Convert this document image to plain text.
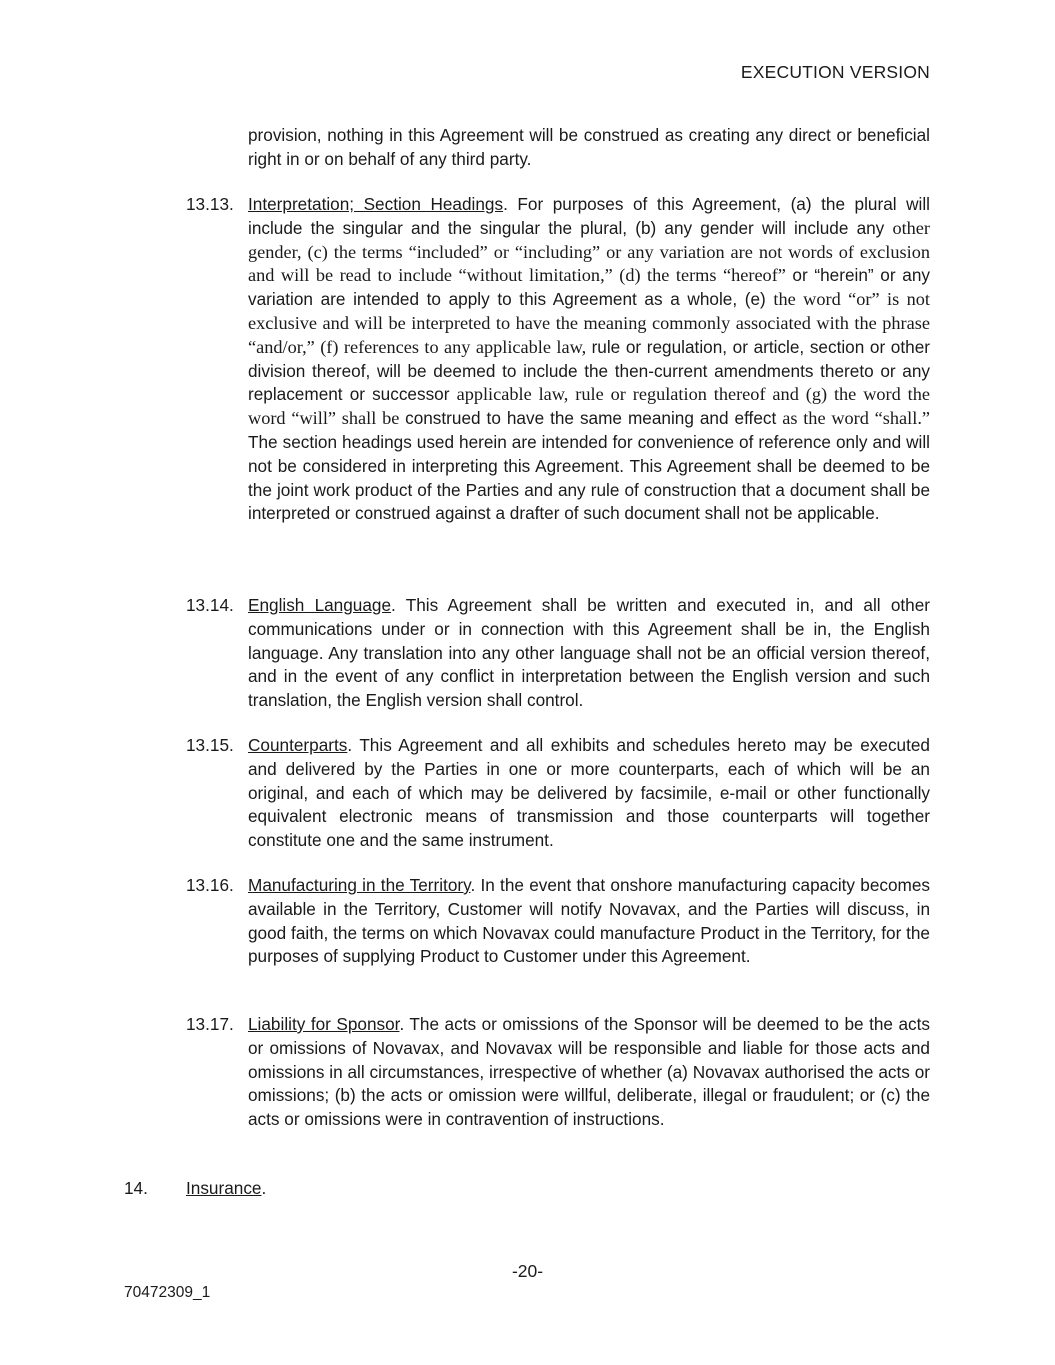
EXECUTION VERSION
provision, nothing in this Agreement will be construed as creating any direct or beneficial right in or on behalf of any third party.
13.13. Interpretation; Section Headings. For purposes of this Agreement, (a) the plural will include the singular and the singular the plural, (b) any gender will include any other gender, (c) the terms “included” or “including” or any variation are not words of exclusion and will be read to include “without limitation,” (d) the terms “hereof” or “herein” or any variation are intended to apply to this Agreement as a whole, (e) the word “or” is not exclusive and will be interpreted to have the meaning commonly associated with the phrase “and/or,” (f) references to any applicable law, rule or regulation, or article, section or other division thereof, will be deemed to include the then-current amendments thereto or any replacement or successor applicable law, rule or regulation thereof and (g) the word the word “will” shall be construed to have the same meaning and effect as the word “shall.” The section headings used herein are intended for convenience of reference only and will not be considered in interpreting this Agreement. This Agreement shall be deemed to be the joint work product of the Parties and any rule of construction that a document shall be interpreted or construed against a drafter of such document shall not be applicable.
13.14. English Language. This Agreement shall be written and executed in, and all other communications under or in connection with this Agreement shall be in, the English language. Any translation into any other language shall not be an official version thereof, and in the event of any conflict in interpretation between the English version and such translation, the English version shall control.
13.15. Counterparts. This Agreement and all exhibits and schedules hereto may be executed and delivered by the Parties in one or more counterparts, each of which will be an original, and each of which may be delivered by facsimile, e-mail or other functionally equivalent electronic means of transmission and those counterparts will together constitute one and the same instrument.
13.16. Manufacturing in the Territory. In the event that onshore manufacturing capacity becomes available in the Territory, Customer will notify Novavax, and the Parties will discuss, in good faith, the terms on which Novavax could manufacture Product in the Territory, for the purposes of supplying Product to Customer under this Agreement.
13.17. Liability for Sponsor. The acts or omissions of the Sponsor will be deemed to be the acts or omissions of Novavax, and Novavax will be responsible and liable for those acts and omissions in all circumstances, irrespective of whether (a) Novavax authorised the acts or omissions; (b) the acts or omission were willful, deliberate, illegal or fraudulent; or (c) the acts or omissions were in contravention of instructions.
14. Insurance.
-20-
70472309_1
